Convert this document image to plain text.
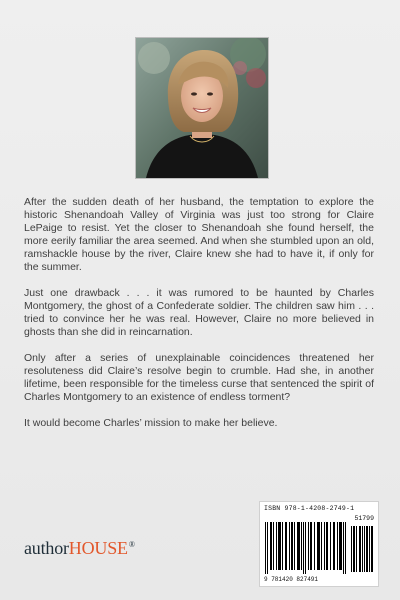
After the sudden death of her husband, the temptation to explore the historic Shenandoah Valley of Virginia was just too strong for Claire LePaige to resist. Yet the closer to Shenandoah she found herself, the more eerily familiar the area seemed. And when she stumbled upon an old, ramshackle house by the river, Claire knew she had to have it, if only for the summer.

Just one drawback . . . it was rumored to be haunted by Charles Montgomery, the ghost of a Confederate soldier. The children saw him . . . tried to convince her he was real. However, Claire no more believed in ghosts than she did in reincarnation.

Only after a series of unexplainable coincidences threatened her resoluteness did Claire’s resolve begin to crumble. Had she, in another lifetime, been responsible for the timeless curse that sentenced the spirit of Charles Montgomery to an existence of endless torment?

It would become Charles’ mission to make her believe.

authorHOUSE®
ISBN 978-1-4208-2749-1
51799
9 781420 827491
